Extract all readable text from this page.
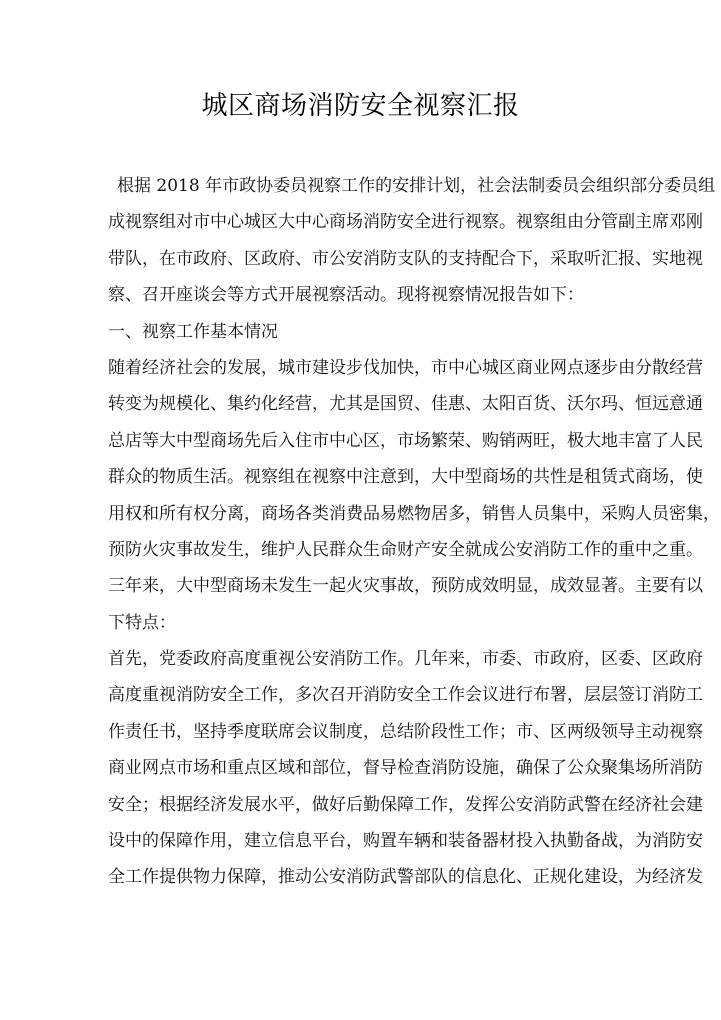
城区商场消防安全视察汇报
根据 2018 年市政协委员视察工作的安排计划，社会法制委员会组织部分委员组
成视察组对市中心城区大中心商场消防安全进行视察。视察组由分管副主席邓刚
带队，在市政府、区政府、市公安消防支队的支持配合下，采取听汇报、实地视
察、召开座谈会等方式开展视察活动。现将视察情况报告如下：
一、视察工作基本情况
随着经济社会的发展，城市建设步伐加快，市中心城区商业网点逐步由分散经营
转变为规模化、集约化经营，尤其是国贸、佳惠、太阳百货、沃尔玛、恒远意通
总店等大中型商场先后入住市中心区，市场繁荣、购销两旺，极大地丰富了人民
群众的物质生活。视察组在视察中注意到，大中型商场的共性是租赁式商场，使
用权和所有权分离，商场各类消费品易燃物居多，销售人员集中，采购人员密集，
预防火灾事故发生，维护人民群众生命财产安全就成公安消防工作的重中之重。
三年来，大中型商场未发生一起火灾事故，预防成效明显，成效显著。主要有以
下特点：
首先，党委政府高度重视公安消防工作。几年来，市委、市政府，区委、区政府
高度重视消防安全工作，多次召开消防安全工作会议进行布署，层层签订消防工
作责任书，坚持季度联席会议制度，总结阶段性工作；市、区两级领导主动视察
商业网点市场和重点区域和部位，督导检查消防设施，确保了公众聚集场所消防
安全；根据经济发展水平，做好后勤保障工作，发挥公安消防武警在经济社会建
设中的保障作用，建立信息平台，购置车辆和装备器材投入执勤备战，为消防安
全工作提供物力保障，推动公安消防武警部队的信息化、正规化建设，为经济发
